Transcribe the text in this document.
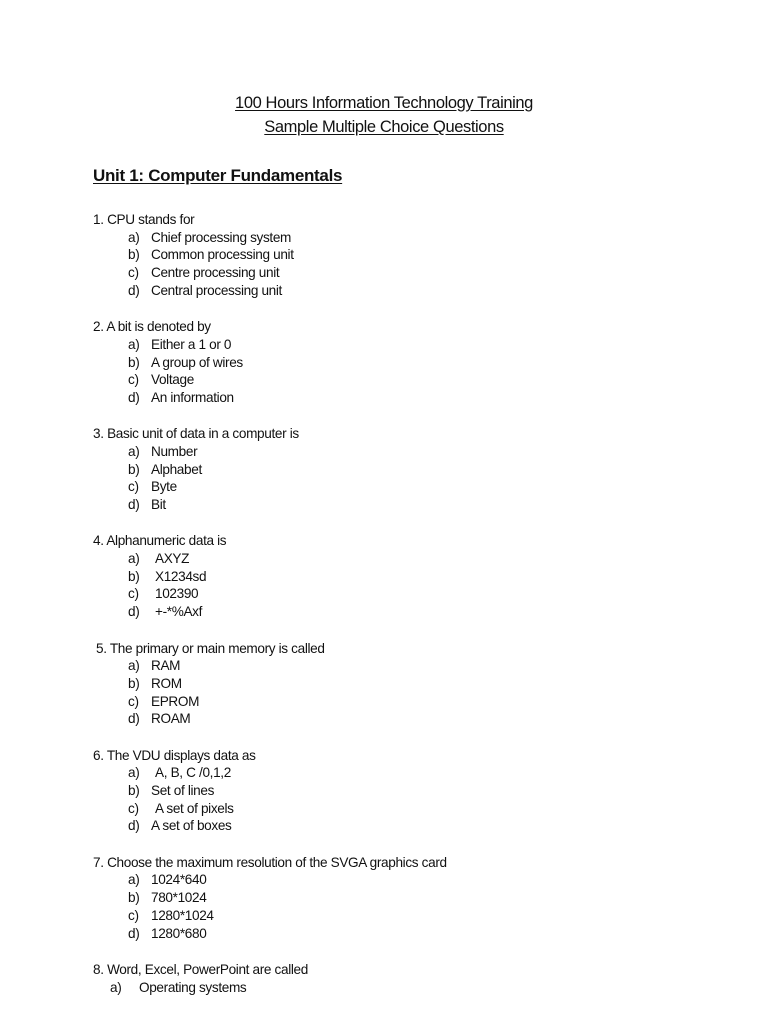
100 Hours Information Technology Training
Sample Multiple Choice Questions
Unit 1: Computer Fundamentals
1. CPU stands for
a) Chief processing system
b) Common processing unit
c) Centre processing unit
d) Central processing unit
2. A bit is denoted by
a) Either a 1 or 0
b) A group of wires
c) Voltage
d) An information
3. Basic unit of data in a computer is
a) Number
b) Alphabet
c) Byte
d) Bit
4. Alphanumeric data is
a) AXYZ
b) X1234sd
c) 102390
d) +-*%Axf
5. The primary or main memory is called
a) RAM
b) ROM
c) EPROM
d) ROAM
6. The VDU displays data as
a) A, B, C /0,1,2
b) Set of lines
c) A set of pixels
d) A set of boxes
7. Choose the maximum resolution of the SVGA graphics card
a) 1024*640
b) 780*1024
c) 1280*1024
d) 1280*680
8. Word, Excel, PowerPoint are called
a) Operating systems
